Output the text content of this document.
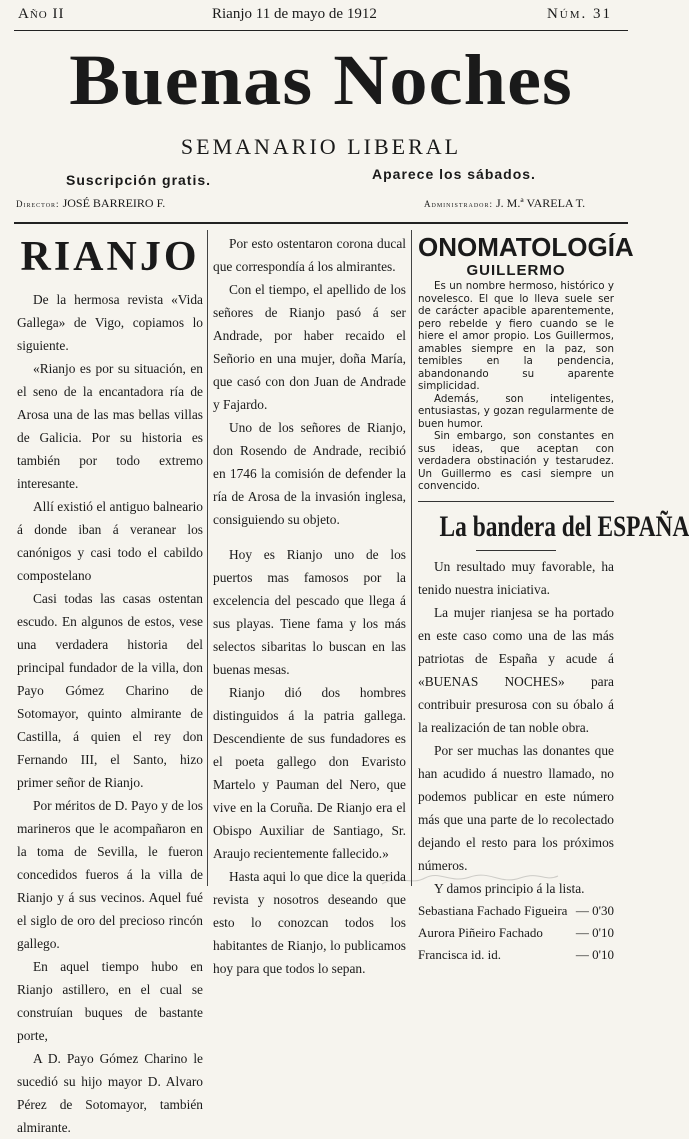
Año II	Rianjo 11 de mayo de 1912	Núm. 31
Buenas Noches
SEMANARIO LIBERAL
Suscripción gratis.	Aparece los sábados.
Director: JOSÉ BARREIRO F.	Administrador: J. M.ª VARELA T.
RIANJO

De la hermosa revista «Vida Gallega» de Vigo, copiamos lo siguiente.

«Rianjo es por su situación, en el seno de la encantadora ría de Arosa una de las mas bellas villas de Galicia. Por su historia es también por todo extremo interesante.

Allí existió el antiguo balneario á donde iban á veranear los canónigos y casi todo el cabildo compostelano

Casi todas las casas ostentan escudo. En algunos de estos, vese una verdadera historia del principal fundador de la villa, don Payo Gómez Charino de Sotomayor, quinto almirante de Castilla, á quien el rey don Fernando III, el Santo, hizo primer señor de Rianjo.

Por méritos de D. Payo y de los marineros que le acompañaron en la toma de Sevilla, le fueron concedidos fueros á la villa de Rianjo y á sus vecinos. Aquel fué el siglo de oro del precioso rincón gallego.

En aquel tiempo hubo en Rianjo astillero, en el cual se construían buques de bastante porte,

A D. Payo Gómez Charino le sucedió su hijo mayor D. Alvaro Pérez de Sotomayor, también almirante.

Por esto ostentaron corona ducal que correspondía á los almirantes.

Con el tiempo, el apellido de los señores de Rianjo pasó á ser Andrade, por haber recaido el Señorio en una mujer, doña María, que casó con don Juan de Andrade y Fajardo.

Uno de los señores de Rianjo, don Rosendo de Andrade, recibió en 1746 la comisión de defender la ría de Arosa de la invasión inglesa, consiguiendo su objeto.

Hoy es Rianjo uno de los puertos mas famosos por la excelencia del pescado que llega á sus playas. Tiene fama y los más selectos sibaritas lo buscan en las buenas mesas.

Rianjo dió dos hombres distinguidos á la patria gallega. Descendiente de sus fundadores es el poeta gallego don Evaristo Martelo y Pauman del Nero, que vive en la Coruña. De Rianjo era el Obispo Auxiliar de Santiago, Sr. Araujo recientemente fallecido.»

Hasta aqui lo que dice la querida revista y nosotros deseando que esto lo conozcan todos los habitantes de Rianjo, lo publicamos hoy para que todos lo sepan.

ONOMATOLOGÍA
GUILLERMO

Es un nombre hermoso, histórico y novelesco. El que lo lleva suele ser de carácter apacible aparentemente, pero rebelde y fiero cuando se le hiere el amor propio. Los Guillermos, amables siempre en la paz, son temibles en la pendencia, abandonando su aparente simplicidad.

Además, son inteligentes, entusiastas, y gozan regularmente de buen humor.

Sin embargo, son constantes en sus ideas, que aceptan con verdadera obstinación y testarudez. Un Guillermo es casi siempre un convencido.

La bandera del ESPAÑA

Un resultado muy favorable, ha tenido nuestra iniciativa.

La mujer rianjesa se ha portado en este caso como una de las más patriotas de España y acude á «BUENAS NOCHES» para contribuir presurosa con su óbalo á la realización de tan noble obra.

Por ser muchas las donantes que han acudido á nuestro llamado, no podemos publicar en este número más que una parte de lo recolectado dejando el resto para los próximos números.

Y damos principio á la lista.

Sebastiana Fachado Figueira — 0'30
Aurora Piñeiro Fachado	— 0'10
Francisca id. id.	— 0'10
